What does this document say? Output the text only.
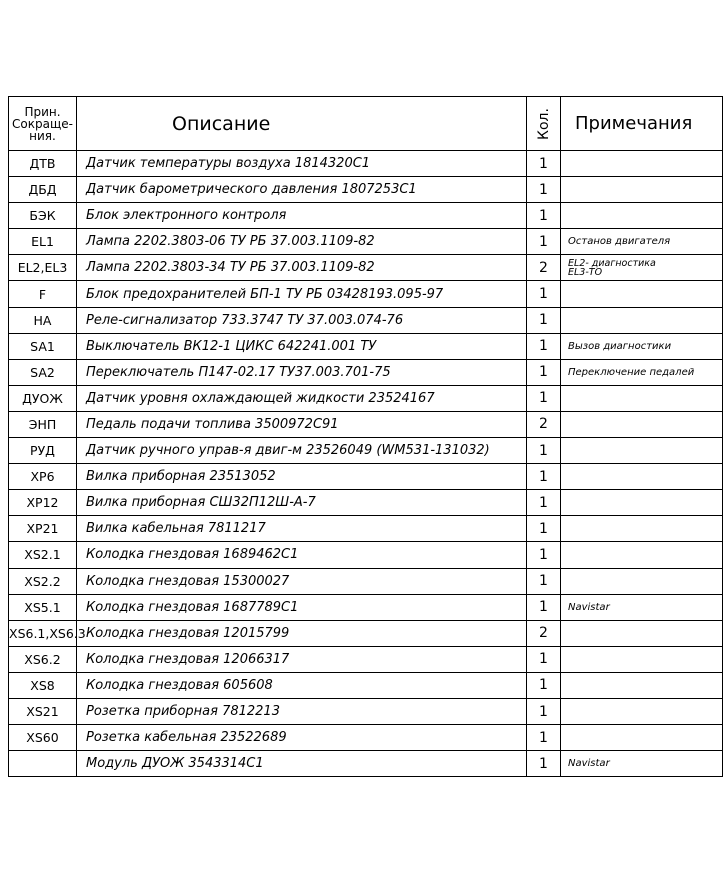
Прин.
Сокраще-
ния.	Описание	Кол.	Примечания
ДТВ	Датчик температуры воздуха 1814320С1	1	
ДБД	Датчик барометрического давления 1807253С1	1	
БЭК	Блок электронного контроля	1	
EL1	Лампа 2202.3803-06 ТУ РБ 37.003.1109-82	1	Останов двигателя
EL2,EL3	Лампа 2202.3803-34 ТУ РБ 37.003.1109-82	2	EL2- диагностика
EL3-ТО

F	Блок предохранителей БП-1 ТУ РБ 03428193.095-97	1	
HA	Реле-сигнализатор 733.3747 ТУ 37.003.074-76	1	
SA1	Выключатель ВК12-1 ЦИКС 642241.001 ТУ	1	Вызов диагностики
SA2	Переключатель П147-02.17 ТУ37.003.701-75	1	Переключение педалей
ДУОЖ	Датчик уровня охлаждающей жидкости 23524167	1	
ЭНП	Педаль подачи топлива 3500972С91	2	
РУД	Датчик ручного управ-я двиг-м 23526049 (WM531-131032)	1	
ХР6	Вилка приборная 23513052	1	
ХР12	Вилка приборная СШ32П12Ш-А-7	1	
ХР21	Вилка кабельная 7811217	1	
XS2.1	Колодка гнездовая 1689462С1	1	
XS2.2	Колодка гнездовая 15300027	1	
XS5.1	Колодка гнездовая 1687789С1	1	Navistar
XS6.1,XS6.3	Колодка гнездовая 12015799	2	
XS6.2	Колодка гнездовая 12066317	1	
XS8	Колодка гнездовая 605608	1	
XS21	Розетка приборная 7812213	1	
XS60	Розетка кабельная 23522689	1	
	Модуль ДУОЖ 3543314С1	1	Navistar
